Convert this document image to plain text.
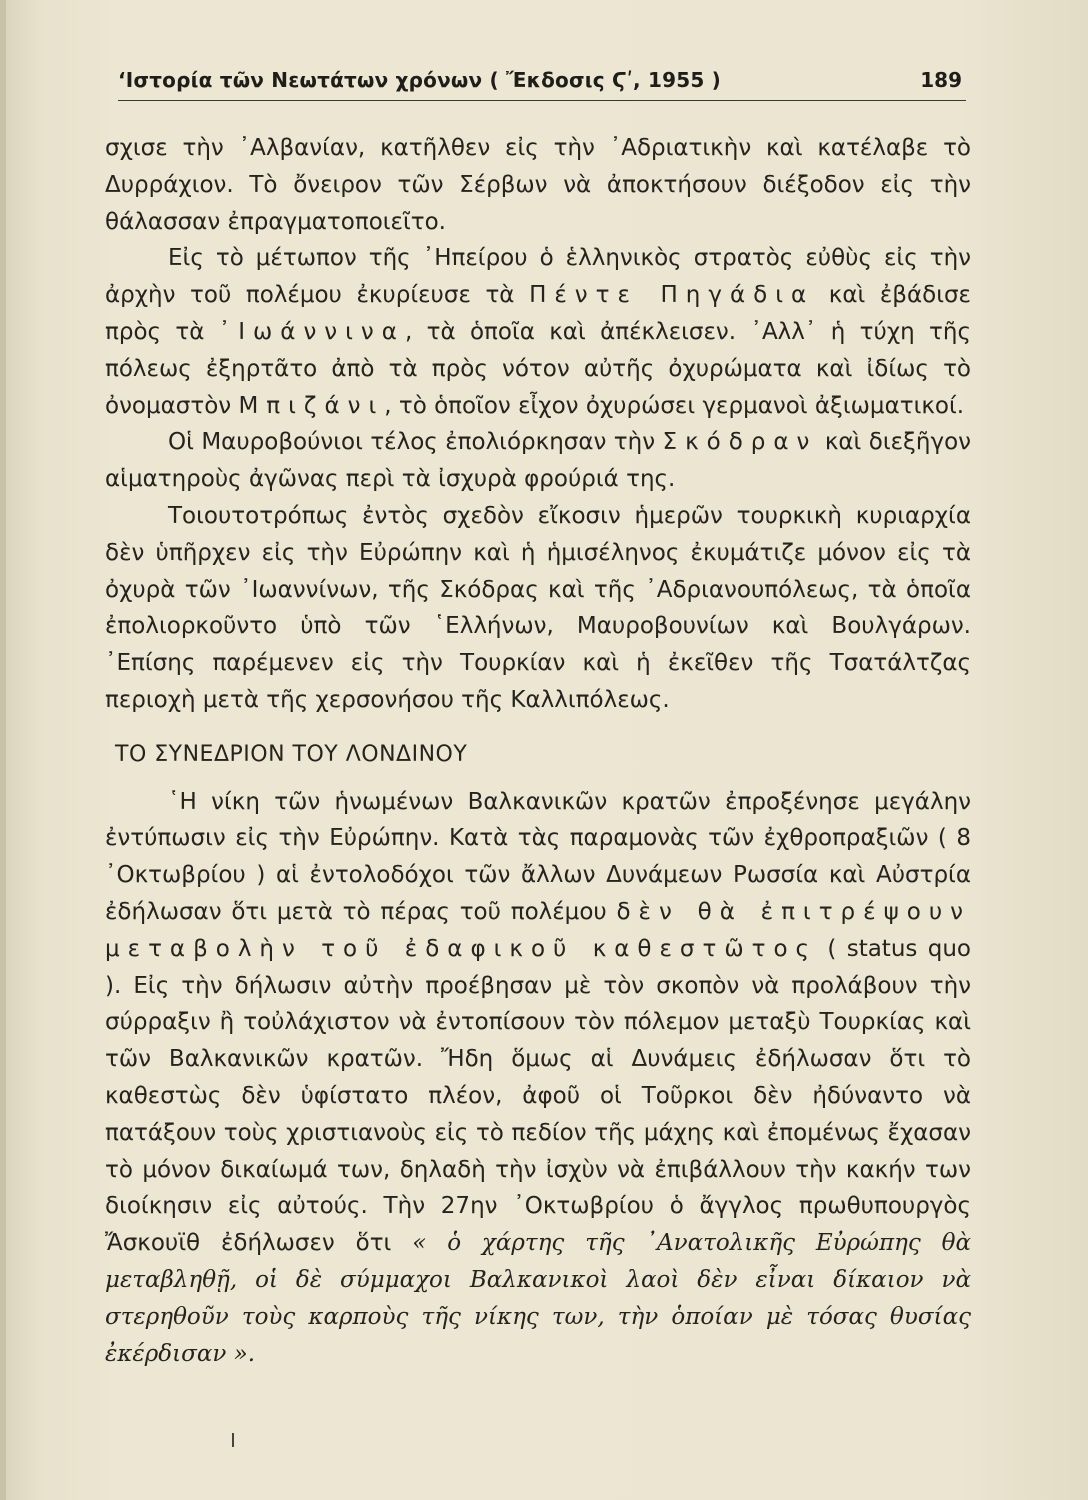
‘Ιστορία τῶν Νεωτάτων χρόνων ( Ἔκδοσις Ϛʹ, 1955 )	189

σχισε τὴν ᾿Αλβανίαν, κατῆλθεν εἰς τὴν ᾿Αδριατικὴν καὶ κατέλαβε τὸ Δυρράχιον. Τὸ ὄνειρον τῶν Σέρβων νὰ ἀποκτήσουν διέξοδον εἰς τὴν θάλασσαν ἐπραγματοποιεῖτο.

Εἰς τὸ μέτωπον τῆς ᾿Ηπείρου ὁ ἑλληνικὸς στρατὸς εὐθὺς εἰς τὴν ἀρχὴν τοῦ πολέμου ἐκυρίευσε τὰ Πέντε Πηγάδια καὶ ἐβάδισε πρὸς τὰ ᾿Ιωάννινα, τὰ ὁποῖα καὶ ἀπέκλεισεν. ᾿Αλλ᾿ ἡ τύχη τῆς πόλεως ἐξηρτᾶτο ἀπὸ τὰ πρὸς νότον αὐτῆς ὀχυρώματα καὶ ἰδίως τὸ ὀνομαστὸν Μπιζάνι, τὸ ὁποῖον εἶχον ὀχυρώσει γερμανοὶ ἀξιωματικοί.

Οἱ Μαυροβούνιοι τέλος ἐπολιόρκησαν τὴν Σκόδραν καὶ διεξῆγον αἱματηροὺς ἀγῶνας περὶ τὰ ἰσχυρὰ φρούριά της.

Τοιουτοτρόπως ἐντὸς σχεδὸν εἴκοσιν ἡμερῶν τουρκικὴ κυριαρχία δὲν ὑπῆρχεν εἰς τὴν Εὐρώπην καὶ ἡ ἡμισέληνος ἐκυμάτιζε μόνον εἰς τὰ ὀχυρὰ τῶν ᾿Ιωαννίνων, τῆς Σκόδρας καὶ τῆς ᾿Αδριανουπόλεως, τὰ ὁποῖα ἐπολιορκοῦντο ὑπὸ τῶν ῾Ελλήνων, Μαυροβουνίων καὶ Βουλγάρων. ᾿Επίσης παρέμενεν εἰς τὴν Τουρκίαν καὶ ἡ ἐκεῖθεν τῆς Τσατάλτζας περιοχὴ μετὰ τῆς χερσονήσου τῆς Καλλιπόλεως.

ΤΟ ΣΥΝΕΔΡΙΟΝ ΤΟΥ ΛΟΝΔΙΝΟΥ

῾Η νίκη τῶν ἡνωμένων Βαλκανικῶν κρατῶν ἐπροξένησε μεγάλην ἐντύπωσιν εἰς τὴν Εὐρώπην. Κατὰ τὰς παραμονὰς τῶν ἐχθροπραξιῶν ( 8 ᾿Οκτωβρίου ) αἱ ἐντολοδόχοι τῶν ἄλλων Δυνάμεων Ρωσσία καὶ Αὐστρία ἐδήλωσαν ὅτι μετὰ τὸ πέρας τοῦ πολέμου δὲν θὰ ἐπιτρέψουν μεταβολὴν τοῦ ἐδαφικοῦ καθεστῶτος ( status quo ). Εἰς τὴν δήλωσιν αὐτὴν προέβησαν μὲ τὸν σκοπὸν νὰ προλάβουν τὴν σύρραξιν ἢ τοὐλάχιστον νὰ ἐντοπίσουν τὸν πόλεμον μεταξὺ Τουρκίας καὶ τῶν Βαλκανικῶν κρατῶν. Ἤδη ὅμως αἱ Δυνάμεις ἐδήλωσαν ὅτι τὸ καθεστὼς δὲν ὑφίστατο πλέον, ἀφοῦ οἱ Τοῦρκοι δὲν ἠδύναντο νὰ πατάξουν τοὺς χριστιανοὺς εἰς τὸ πεδίον τῆς μάχης καὶ ἐπομένως ἔχασαν τὸ μόνον δικαίωμά των, δηλαδὴ τὴν ἰσχὺν νὰ ἐπιβάλλουν τὴν κακήν των διοίκησιν εἰς αὐτούς. Τὴν 27ην ᾿Οκτωβρίου ὁ ἄγγλος πρωθυπουργὸς Ἄσκουϊθ ἐδήλωσεν ὅτι « ὁ χάρτης τῆς ᾿Ανατολικῆς Εὐρώπης θὰ μεταβληθῇ, οἱ δὲ σύμμαχοι Βαλκανικοὶ λαοὶ δὲν εἶναι δίκαιον νὰ στερηθοῦν τοὺς καρποὺς τῆς νίκης των, τὴν ὁποίαν μὲ τόσας θυσίας ἐκέρδισαν ».
